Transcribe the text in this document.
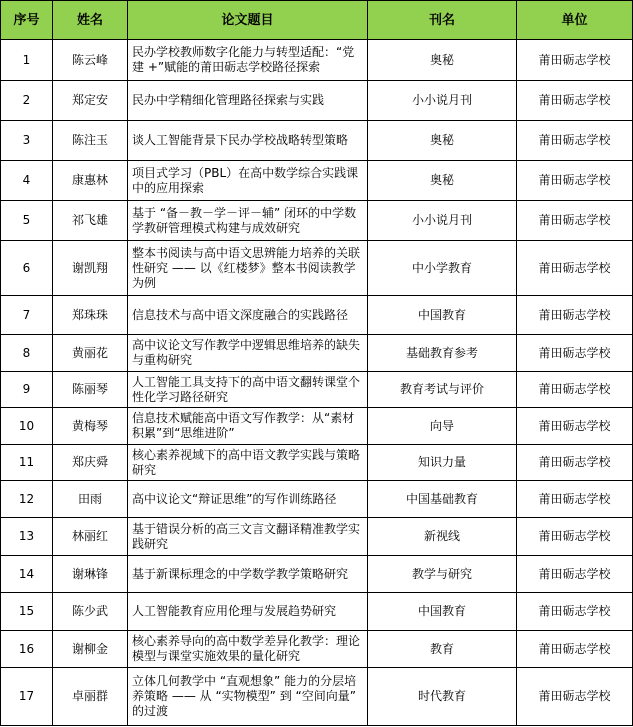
序号	姓名	论文题目	刊名	单位
1	陈云峰	民办学校教师数字化能力与转型适配：“党建 +”赋能的莆田砺志学校路径探索	奥秘	莆田砺志学校
2	郑定安	民办中学精细化管理路径探索与实践	小小说月刊	莆田砺志学校
3	陈注玉	谈人工智能背景下民办学校战略转型策略	奥秘	莆田砺志学校
4	康惠林	项目式学习（PBL）在高中数学综合实践课中的应用探索	奥秘	莆田砺志学校
5	祁飞雄	基于 “备－教－学－评－辅” 闭环的中学数学教研管理模式构建与成效研究	小小说月刊	莆田砺志学校
6	谢凯翔	整本书阅读与高中语文思辨能力培养的关联性研究 —— 以《红楼梦》整本书阅读教学为例	中小学教育	莆田砺志学校
7	郑珠珠	信息技术与高中语文深度融合的实践路径	中国教育	莆田砺志学校
8	黄丽花	高中议论文写作教学中逻辑思维培养的缺失与重构研究	基础教育参考	莆田砺志学校
9	陈丽琴	人工智能工具支持下的高中语文翻转课堂个性化学习路径研究	教育考试与评价	莆田砺志学校
10	黄梅琴	信息技术赋能高中语文写作教学：从“素材积累”到“思维进阶”	向导	莆田砺志学校
11	郑庆舜	核心素养视域下的高中语文教学实践与策略研究	知识力量	莆田砺志学校
12	田雨	高中议论文“辩证思维”的写作训练路径	中国基础教育	莆田砺志学校
13	林丽红	基于错误分析的高三文言文翻译精准教学实践研究	新视线	莆田砺志学校
14	谢琳锋	基于新课标理念的中学数学教学策略研究	教学与研究	莆田砺志学校
15	陈少武	人工智能教育应用伦理与发展趋势研究	中国教育	莆田砺志学校
16	谢柳金	核心素养导向的高中数学差异化教学：理论模型与课堂实施效果的量化研究	教育	莆田砺志学校
17	卓丽群	立体几何教学中 “直观想象” 能力的分层培养策略 —— 从 “实物模型” 到 “空间向量” 的过渡	时代教育	莆田砺志学校
